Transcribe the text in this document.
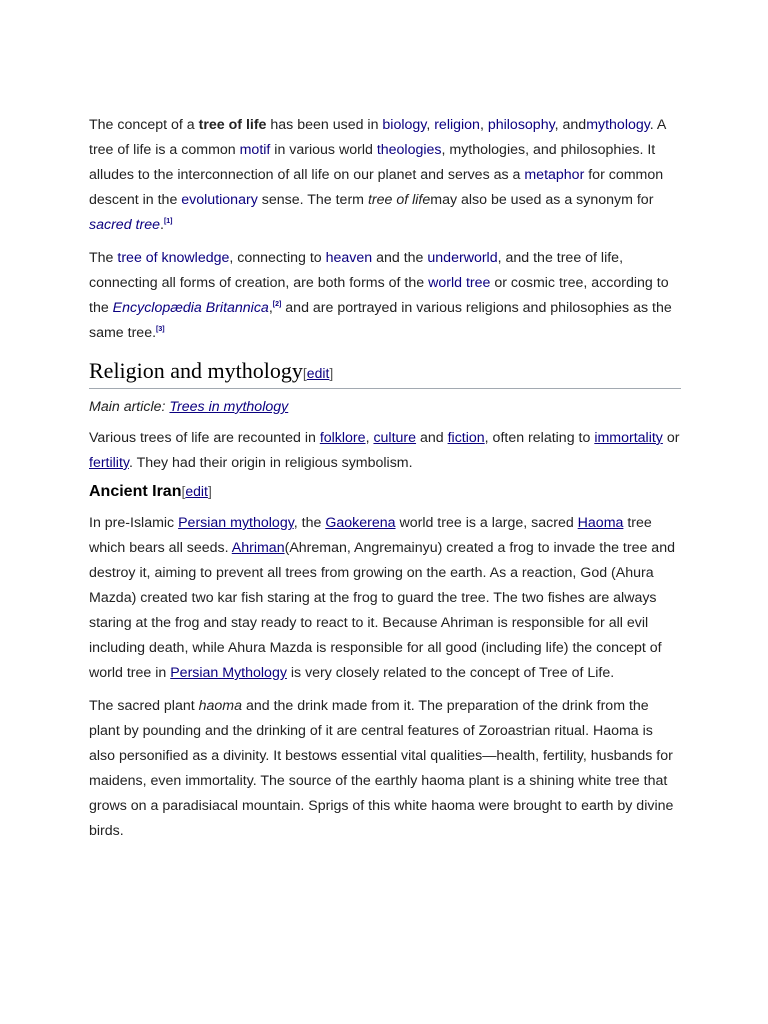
The concept of a tree of life has been used in biology, religion, philosophy, andmythology. A tree of life is a common motif in various world theologies, mythologies, and philosophies. It alludes to the interconnection of all life on our planet and serves as a metaphor for common descent in the evolutionary sense. The term tree of lifemay also be used as a synonym for sacred tree.[1]

The tree of knowledge, connecting to heaven and the underworld, and the tree of life, connecting all forms of creation, are both forms of the world tree or cosmic tree, according to the Encyclopædia Britannica,[2] and are portrayed in various religions and philosophies as the same tree.[3]

Religion and mythology[edit]

Main article: Trees in mythology

Various trees of life are recounted in folklore, culture and fiction, often relating to immortality or fertility. They had their origin in religious symbolism.

Ancient Iran[edit]

In pre-Islamic Persian mythology, the Gaokerena world tree is a large, sacred Haoma tree which bears all seeds. Ahriman(Ahreman, Angremainyu) created a frog to invade the tree and destroy it, aiming to prevent all trees from growing on the earth. As a reaction, God (Ahura Mazda) created two kar fish staring at the frog to guard the tree. The two fishes are always staring at the frog and stay ready to react to it. Because Ahriman is responsible for all evil including death, while Ahura Mazda is responsible for all good (including life) the concept of world tree in Persian Mythology is very closely related to the concept of Tree of Life.

The sacred plant haoma and the drink made from it. The preparation of the drink from the plant by pounding and the drinking of it are central features of Zoroastrian ritual. Haoma is also personified as a divinity. It bestows essential vital qualities—health, fertility, husbands for maidens, even immortality. The source of the earthly haoma plant is a shining white tree that grows on a paradisiacal mountain. Sprigs of this white haoma were brought to earth by divine birds.
